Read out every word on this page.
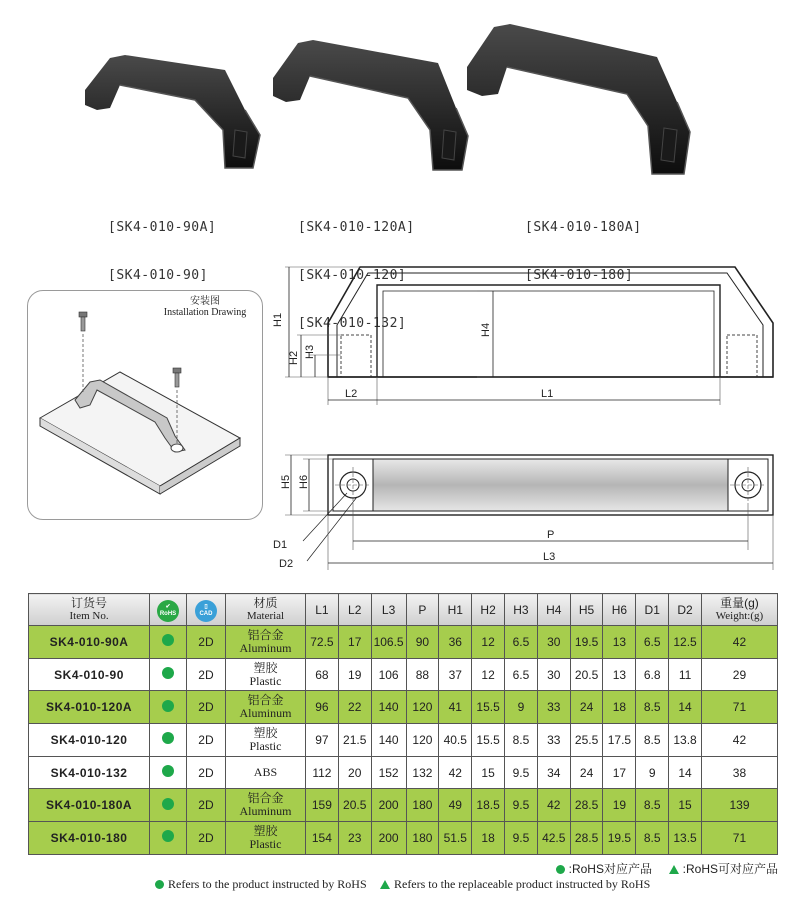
[SK4-010-90A]

[SK4-010-90]

[SK4-010-120A]

[SK4-010-120]

[SK4-010-132]

[SK4-010-180A]

[SK4-010-180]

安装图
Installation Drawing
H1
H2 H3
H4
L2	L1
H5 H6
D1
D2
P
L3
订货号
Item No.	✔
RoHS	▯
CAD	材质
Material	L1	L2	L3	P	H1	H2	H3	H4	H5	H6	D1	D2	重量(g)
Weight:(g)

SK4-010-90A		2D	铝合金
Aluminum	72.5	17	106.5	90	36	12	6.5	30	19.5	13	6.5	12.5	42
SK4-010-90		2D	塑胶
Plastic	68	19	106	88	37	12	6.5	30	20.5	13	6.8	11	29
SK4-010-120A		2D	铝合金
Aluminum	96	22	140	120	41	15.5	9	33	24	18	8.5	14	71
SK4-010-120		2D	塑胶
Plastic	97	21.5	140	120	40.5	15.5	8.5	33	25.5	17.5	8.5	13.8	42
SK4-010-132		2D	ABS	112	20	152	132	42	15	9.5	34	24	17	9	14	38
SK4-010-180A		2D	铝合金
Aluminum	159	20.5	200	180	49	18.5	9.5	42	28.5	19	8.5	15	139
SK4-010-180		2D	塑胶
Plastic	154	23	200	180	51.5	18	9.5	42.5	28.5	19.5	8.5	13.5	71
:RoHS对应产品	:RoHS可对应产品
Refers to the product instructed by RoHS Refers to the replaceable product instructed by RoHS
